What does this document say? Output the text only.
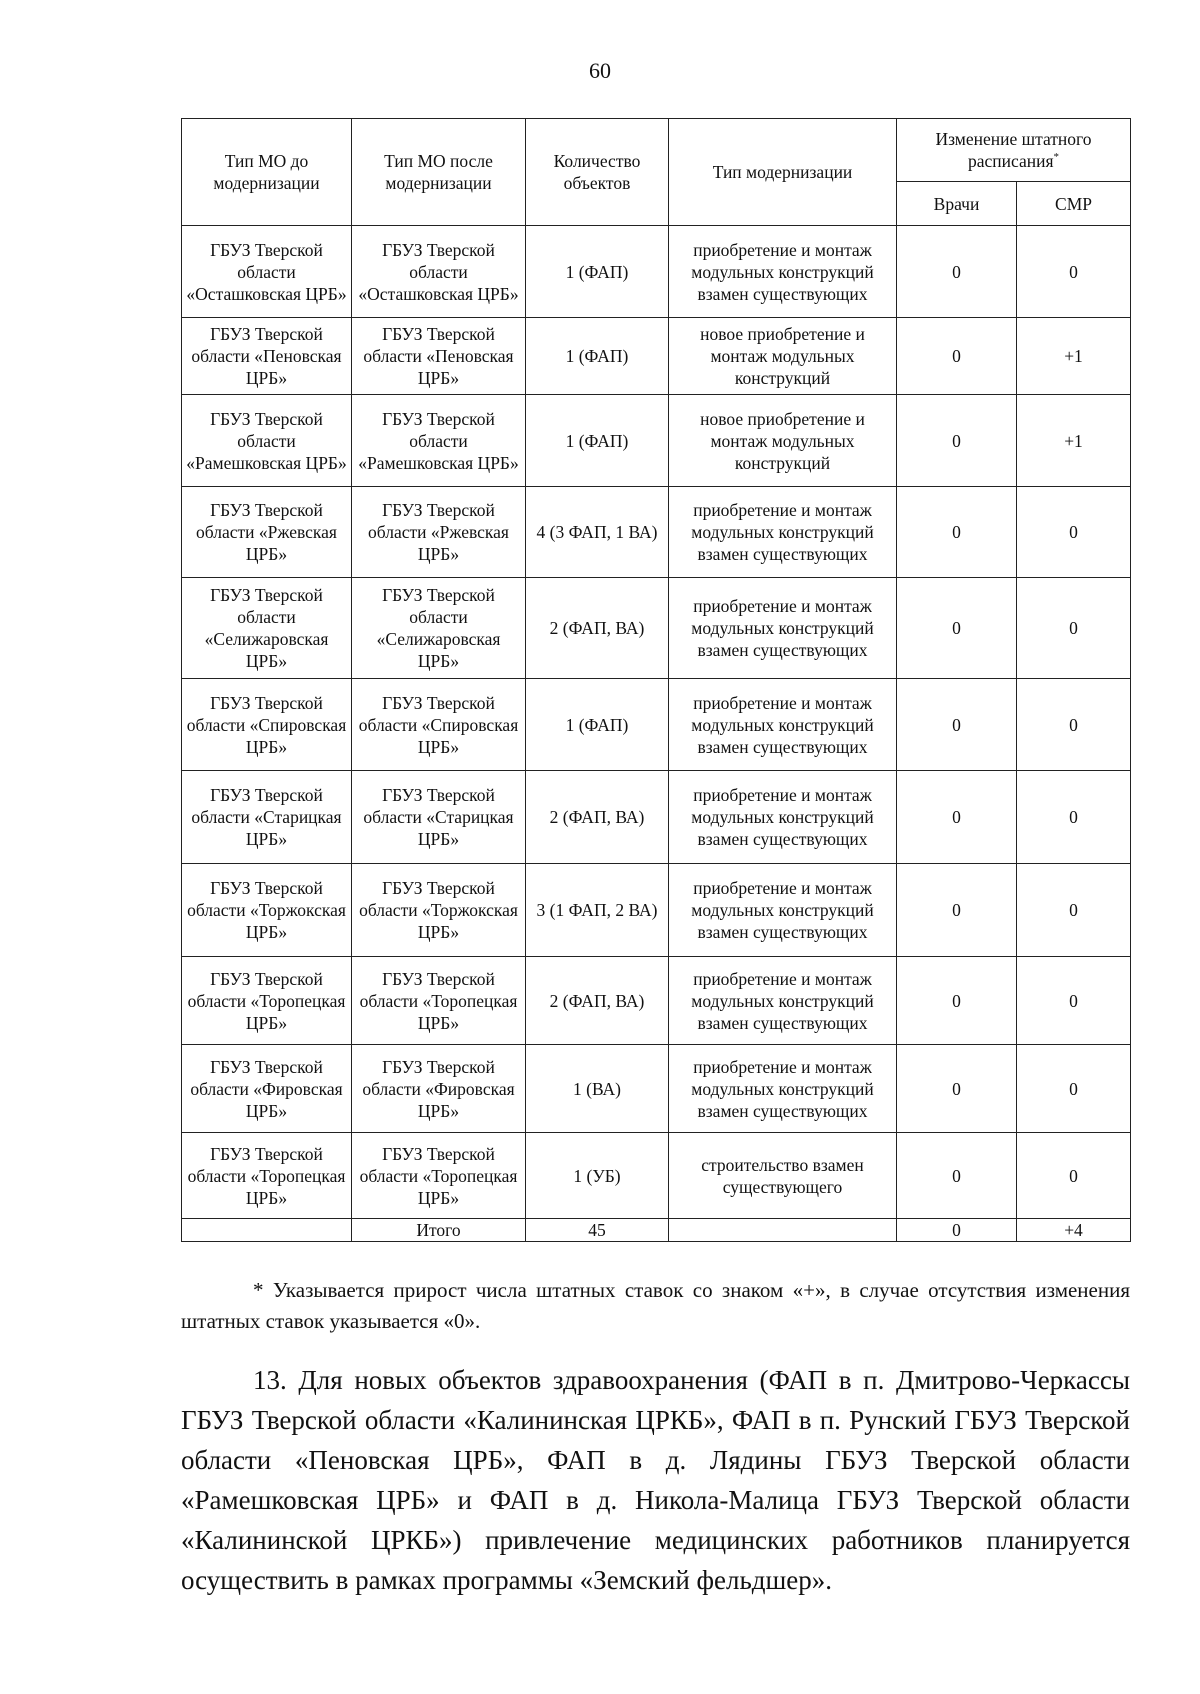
60
Тип МО до модернизации	Тип МО после модернизации	Количество объектов	Тип модернизации	Изменение штатного расписания*
				Врачи	СМР
ГБУЗ Тверской области «Осташковская ЦРБ»	ГБУЗ Тверской области «Осташковская ЦРБ»	1 (ФАП)	приобретение и монтаж модульных конструкций взамен существующих	0	0
ГБУЗ Тверской области «Пеновская ЦРБ»	ГБУЗ Тверской области «Пеновская ЦРБ»	1 (ФАП)	новое приобретение и монтаж модульных конструкций	0	+1
ГБУЗ Тверской области «Рамешковская ЦРБ»	ГБУЗ Тверской области «Рамешковская ЦРБ»	1 (ФАП)	новое приобретение и монтаж модульных конструкций	0	+1
ГБУЗ Тверской области «Ржевская ЦРБ»	ГБУЗ Тверской области «Ржевская ЦРБ»	4 (3 ФАП, 1 ВА)	приобретение и монтаж модульных конструкций взамен существующих	0	0
ГБУЗ Тверской области «Селижаровская ЦРБ»	ГБУЗ Тверской области «Селижаровская ЦРБ»	2 (ФАП, ВА)	приобретение и монтаж модульных конструкций взамен существующих	0	0
ГБУЗ Тверской области «Спировская ЦРБ»	ГБУЗ Тверской области «Спировская ЦРБ»	1 (ФАП)	приобретение и монтаж модульных конструкций взамен существующих	0	0
ГБУЗ Тверской области «Старицкая ЦРБ»	ГБУЗ Тверской области «Старицкая ЦРБ»	2 (ФАП, ВА)	приобретение и монтаж модульных конструкций взамен существующих	0	0
ГБУЗ Тверской области «Торжокская ЦРБ»	ГБУЗ Тверской области «Торжокская ЦРБ»	3 (1 ФАП, 2 ВА)	приобретение и монтаж модульных конструкций взамен существующих	0	0
ГБУЗ Тверской области «Торопецкая ЦРБ»	ГБУЗ Тверской области «Торопецкая ЦРБ»	2 (ФАП, ВА)	приобретение и монтаж модульных конструкций взамен существующих	0	0
ГБУЗ Тверской области «Фировская ЦРБ»	ГБУЗ Тверской области «Фировская ЦРБ»	1 (ВА)	приобретение и монтаж модульных конструкций взамен существующих	0	0
ГБУЗ Тверской области «Торопецкая ЦРБ»	ГБУЗ Тверской области «Торопецкая ЦРБ»	1 (УБ)	строительство взамен существующего	0	0
	Итого	45		0	+4

* Указывается прирост числа штатных ставок со знаком «+», в случае отсутствия изменения штатных ставок указывается «0».

13. Для новых объектов здравоохранения (ФАП в п. Дмитрово-Черкассы ГБУЗ Тверской области «Калининская ЦРКБ», ФАП в п. Рунский ГБУЗ Тверской области «Пеновская ЦРБ», ФАП в д. Лядины ГБУЗ Тверской области «Рамешковская ЦРБ» и ФАП в д. Никола-Малица ГБУЗ Тверской области «Калининской ЦРКБ») привлечение медицинских работников планируется осуществить в рамках программы «Земский фельдшер».
